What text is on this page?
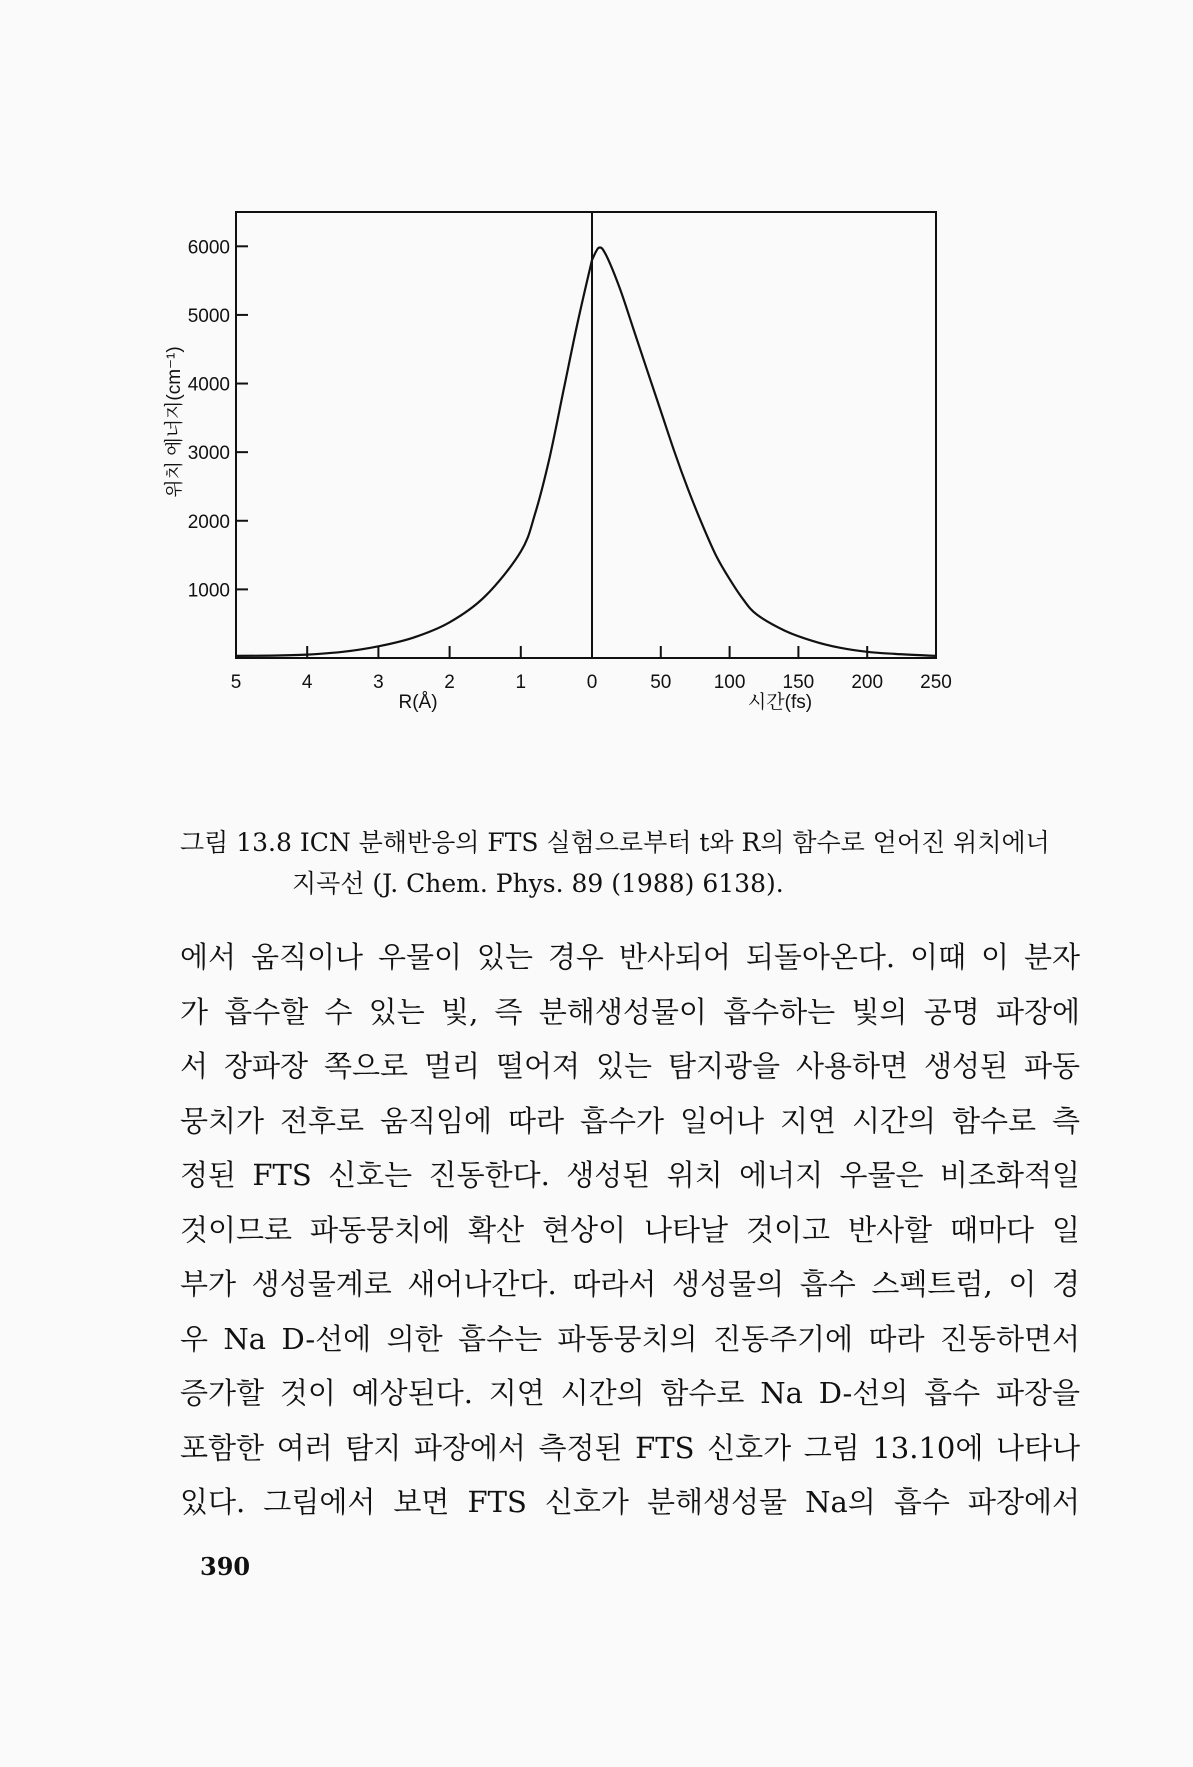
6000
5000
4000
3000
2000
1000
5	4	3	2	1	0	50 100 150 200 250
R(Å)	시간(fs)
위치 에너지(cm⁻¹)
그림 13.8 ICN 분해반응의 FTS 실험으로부터 t와 R의 함수로 얻어진 위치에너
지곡선 (J. Chem. Phys. 89 (1988) 6138).
에서 움직이나 우물이 있는 경우 반사되어 되돌아온다. 이때 이 분자
가 흡수할 수 있는 빛, 즉 분해생성물이 흡수하는 빛의 공명 파장에
서 장파장 쪽으로 멀리 떨어져 있는 탐지광을 사용하면 생성된 파동
뭉치가 전후로 움직임에 따라 흡수가 일어나 지연 시간의 함수로 측
정된 FTS 신호는 진동한다. 생성된 위치 에너지 우물은 비조화적일
것이므로 파동뭉치에 확산 현상이 나타날 것이고 반사할 때마다 일
부가 생성물계로 새어나간다. 따라서 생성물의 흡수 스펙트럼, 이 경
우 Na D-선에 의한 흡수는 파동뭉치의 진동주기에 따라 진동하면서
증가할 것이 예상된다. 지연 시간의 함수로 Na D-선의 흡수 파장을
포함한 여러 탐지 파장에서 측정된 FTS 신호가 그림 13.10에 나타나
있다. 그림에서 보면 FTS 신호가 분해생성물 Na의 흡수 파장에서
390
